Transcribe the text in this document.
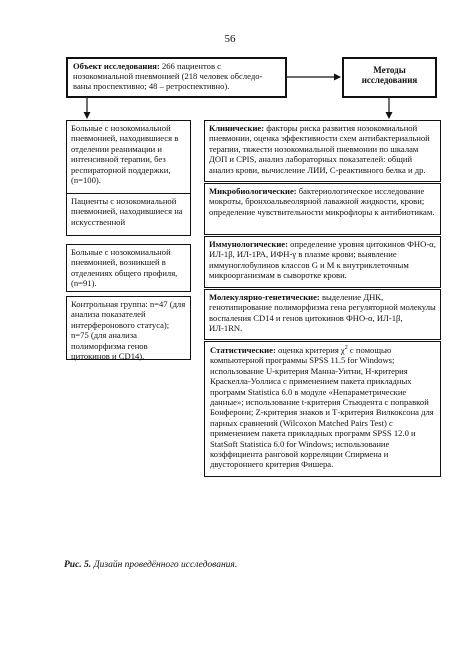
56
Объект исследования: 266 пациентов с нозокомиальной пневмонией (218 человек обследо-ваны проспективно; 48 – ретроспективно).
Методы
исследования
Больные с нозокомиальной пневмонией, находившиеся в отделении реанимации и интенсивной терапии, без респираторной поддержки, (n=100).
Пациенты с нозокомиальной пневмонией, находившиеся на искусственной
Больные с нозокомиальной пневмонией, возникшей в отделениях общего профиля, (n=91).
Контрольная группа: n=47 (для анализа показателей интерферонового статуса); n=75 (для анализа полиморфизма генов цитокинов и CD14).
Клинические: факторы риска развития нозокомиальной пневмонии, оценка эффективности схем антибактериальной терапии, тяжести нозокомиальной пневмонии по шкалам ДОП и CPIS, анализ лабораторных показателей: общий анализ крови, вычисление ЛИИ, С-реактивного белка и др.
Микробиологические: бактериологическое исследование мокроты, бронхоальвеолярной лаважной жидкости, крови; определение чувствительности микрофлоры к антибиотикам.
Иммунологические: определение уровня цитокинов ФНО-α, ИЛ-1β, ИЛ-1РА, ИФН-γ в плазме крови; выявление иммуноглобулинов классов G и М к внутриклеточным микроорганизмам в сыворотке крови.
Молекулярно-генетические: выделение ДНК, генотипирование полиморфизма гена регуляторной молекулы воспаления CD14 и генов цитокинов ФНО-α, ИЛ-1β, ИЛ-1RN.
Статистические: оценка критерия $\chi^2$ с помощью компьютерной программы SPSS 11.5 for Windows; использование U-критерия Манна-Уитни, Н-критерия Краскелла-Уоллиса с применением пакета прикладных программ Statistica 6.0 в модуле «Непараметрические данные»; использование t-критерия Стьюдента с поправкой Бонферони; Z-критерия знаков и Т-критерия Вилкоксона для парных сравнений (Wilcoxon Matched Pairs Test) с применением пакета прикладных программ SPSS 12.0 и StatSoft Statistica 6.0 for Windows; использование коэффициента ранговой корреляции Спирмена и двустороннего критерия Фишера.
Рис. 5. Дизайн проведённого исследования.
